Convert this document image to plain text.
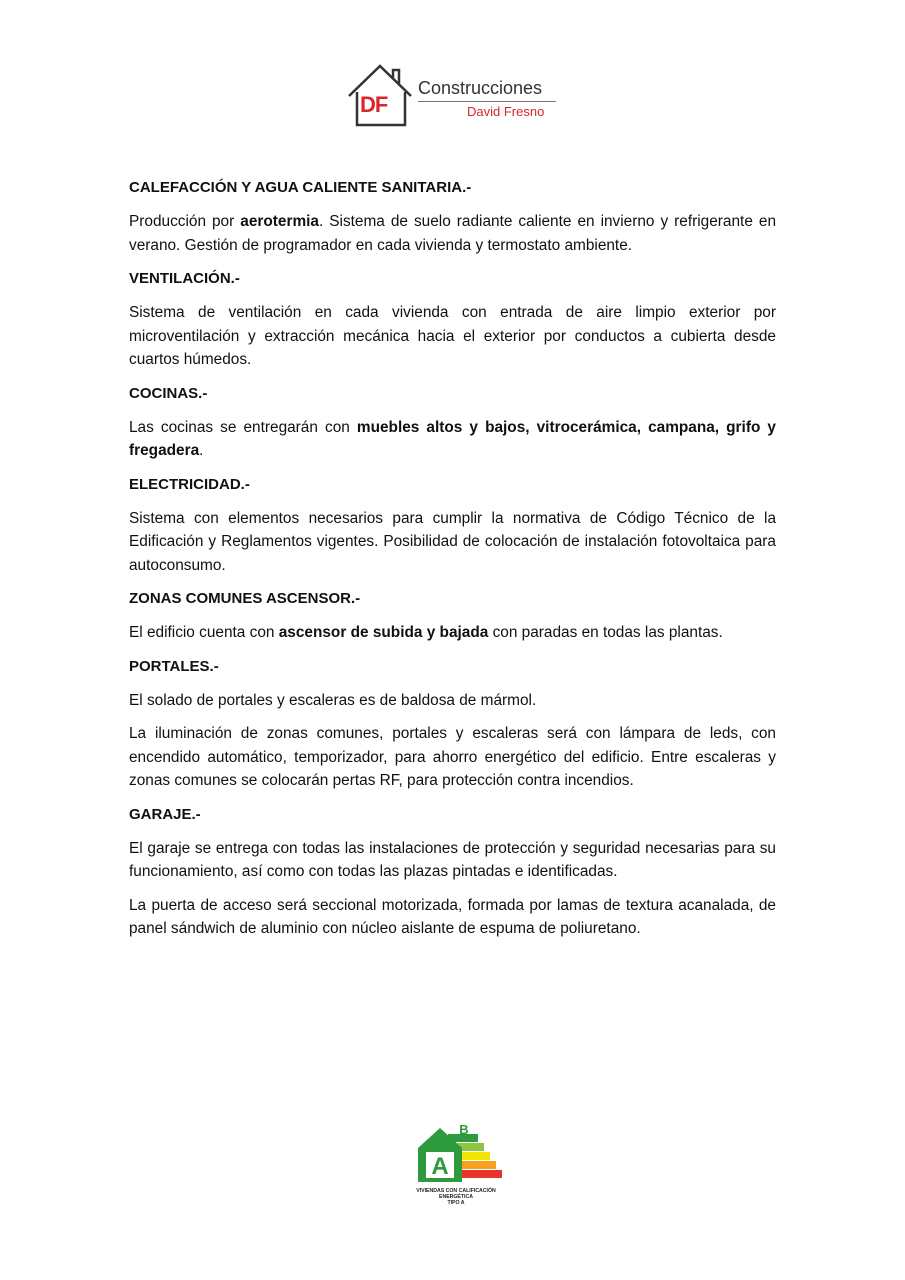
DF
Construcciones
David Fresno
CALEFACCIÓN Y AGUA CALIENTE SANITARIA.-

Producción por aerotermia. Sistema de suelo radiante caliente en invierno y refrigerante en verano. Gestión de programador en cada vivienda y termostato ambiente.

VENTILACIÓN.-

Sistema de ventilación en cada vivienda con entrada de aire limpio exterior por microventilación y extracción mecánica hacia el exterior por conductos a cubierta desde cuartos húmedos.

COCINAS.-

Las cocinas se entregarán con muebles altos y bajos, vitrocerámica, campana, grifo y fregadera.

ELECTRICIDAD.-

Sistema con elementos necesarios para cumplir la normativa de Código Técnico de la Edificación y Reglamentos vigentes. Posibilidad de colocación de instalación fotovoltaica para autoconsumo.

ZONAS COMUNES ASCENSOR.-

El edificio cuenta con ascensor de subida y bajada con paradas en todas las plantas.

PORTALES.-

El solado de portales y escaleras es de baldosa de mármol.

La iluminación de zonas comunes, portales y escaleras será con lámpara de leds, con encendido automático, temporizador, para ahorro energético del edificio. Entre escaleras y zonas comunes se colocarán pertas RF, para protección contra incendios.

GARAJE.-

El garaje se entrega con todas las instalaciones de protección y seguridad necesarias para su funcionamiento, así como con todas las plazas pintadas e identificadas.

La puerta de acceso será seccional motorizada, formada por lamas de textura acanalada, de panel sándwich de aluminio con núcleo aislante de espuma de poliuretano.

A
B
VIVIENDAS CON CALIFICACIÓN
ENERGÉTICA
TIPO A
